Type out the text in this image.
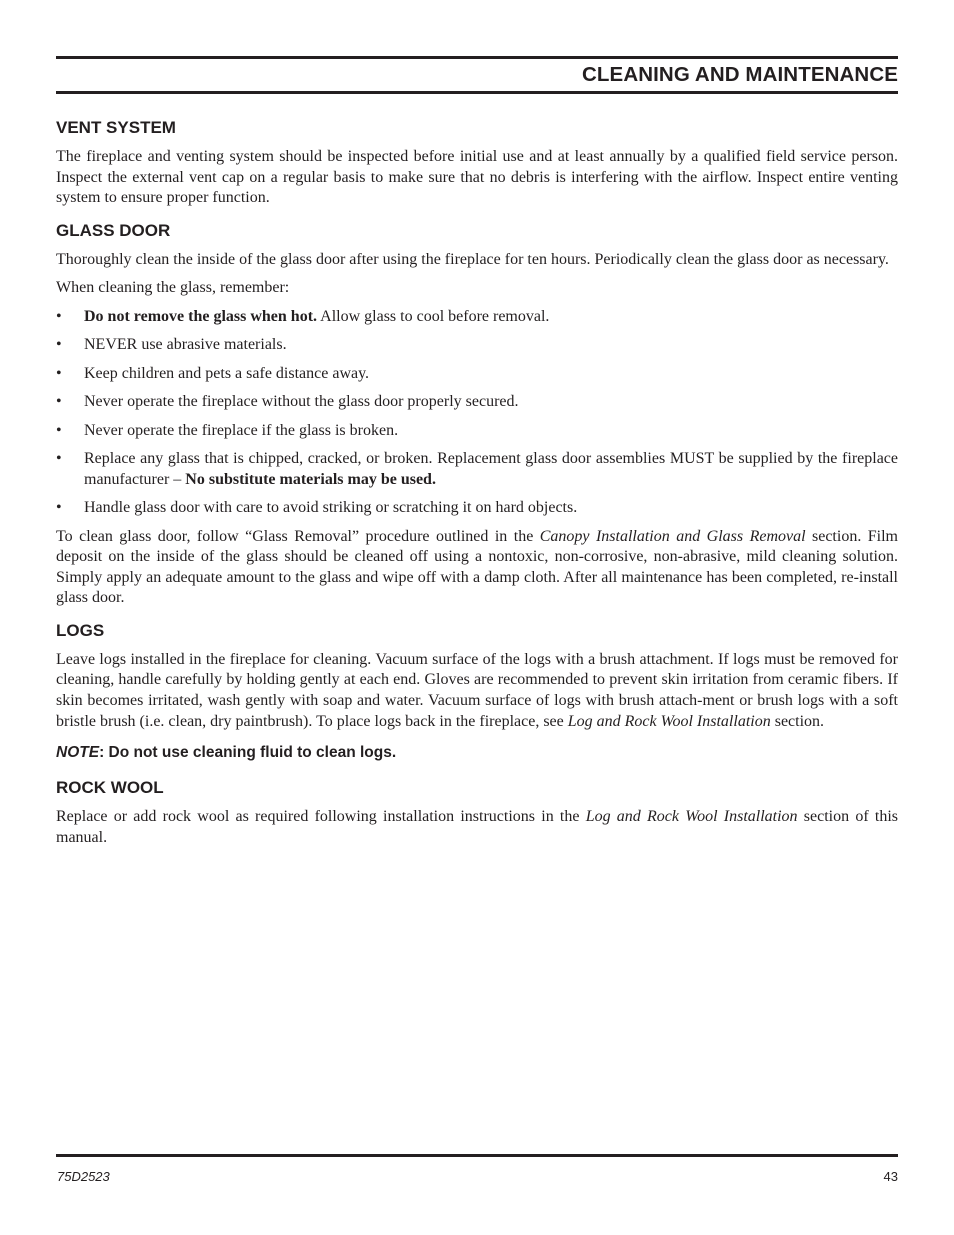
CLEANING AND MAINTENANCE
VENT SYSTEM

The fireplace and venting system should be inspected before initial use and at least annually by a qualified field service person. Inspect the external vent cap on a regular basis to make sure that no debris is interfering with the airflow. Inspect entire venting system to ensure proper function.

GLASS DOOR

Thoroughly clean the inside of the glass door after using the fireplace for ten hours. Periodically clean the glass door as necessary.

When cleaning the glass, remember:

• Do not remove the glass when hot. Allow glass to cool before removal.
• NEVER use abrasive materials.
• Keep children and pets a safe distance away.
• Never operate the fireplace without the glass door properly secured.
• Never operate the fireplace if the glass is broken.
• Replace any glass that is chipped, cracked, or broken. Replacement glass door assemblies MUST be supplied by the fireplace manufacturer – No substitute materials may be used.
• Handle glass door with care to avoid striking or scratching it on hard objects.

To clean glass door, follow “Glass Removal” procedure outlined in the Canopy Installation and Glass Removal section. Film deposit on the inside of the glass should be cleaned off using a nontoxic, non-corrosive, non-abrasive, mild cleaning solution. Simply apply an adequate amount to the glass and wipe off with a damp cloth. After all maintenance has been completed, re-install glass door.

LOGS

Leave logs installed in the fireplace for cleaning. Vacuum surface of the logs with a brush attachment. If logs must be removed for cleaning, handle carefully by holding gently at each end. Gloves are recommended to prevent skin irritation from ceramic fibers. If skin becomes irritated, wash gently with soap and water. Vacuum surface of logs with brush attach-ment or brush logs with a soft bristle brush (i.e. clean, dry paintbrush). To place logs back in the fireplace, see Log and Rock Wool Installation section.

NOTE: Do not use cleaning fluid to clean logs.
ROCK WOOL

Replace or add rock wool as required following installation instructions in the Log and Rock Wool Installation section of this manual.

75D2523	43
